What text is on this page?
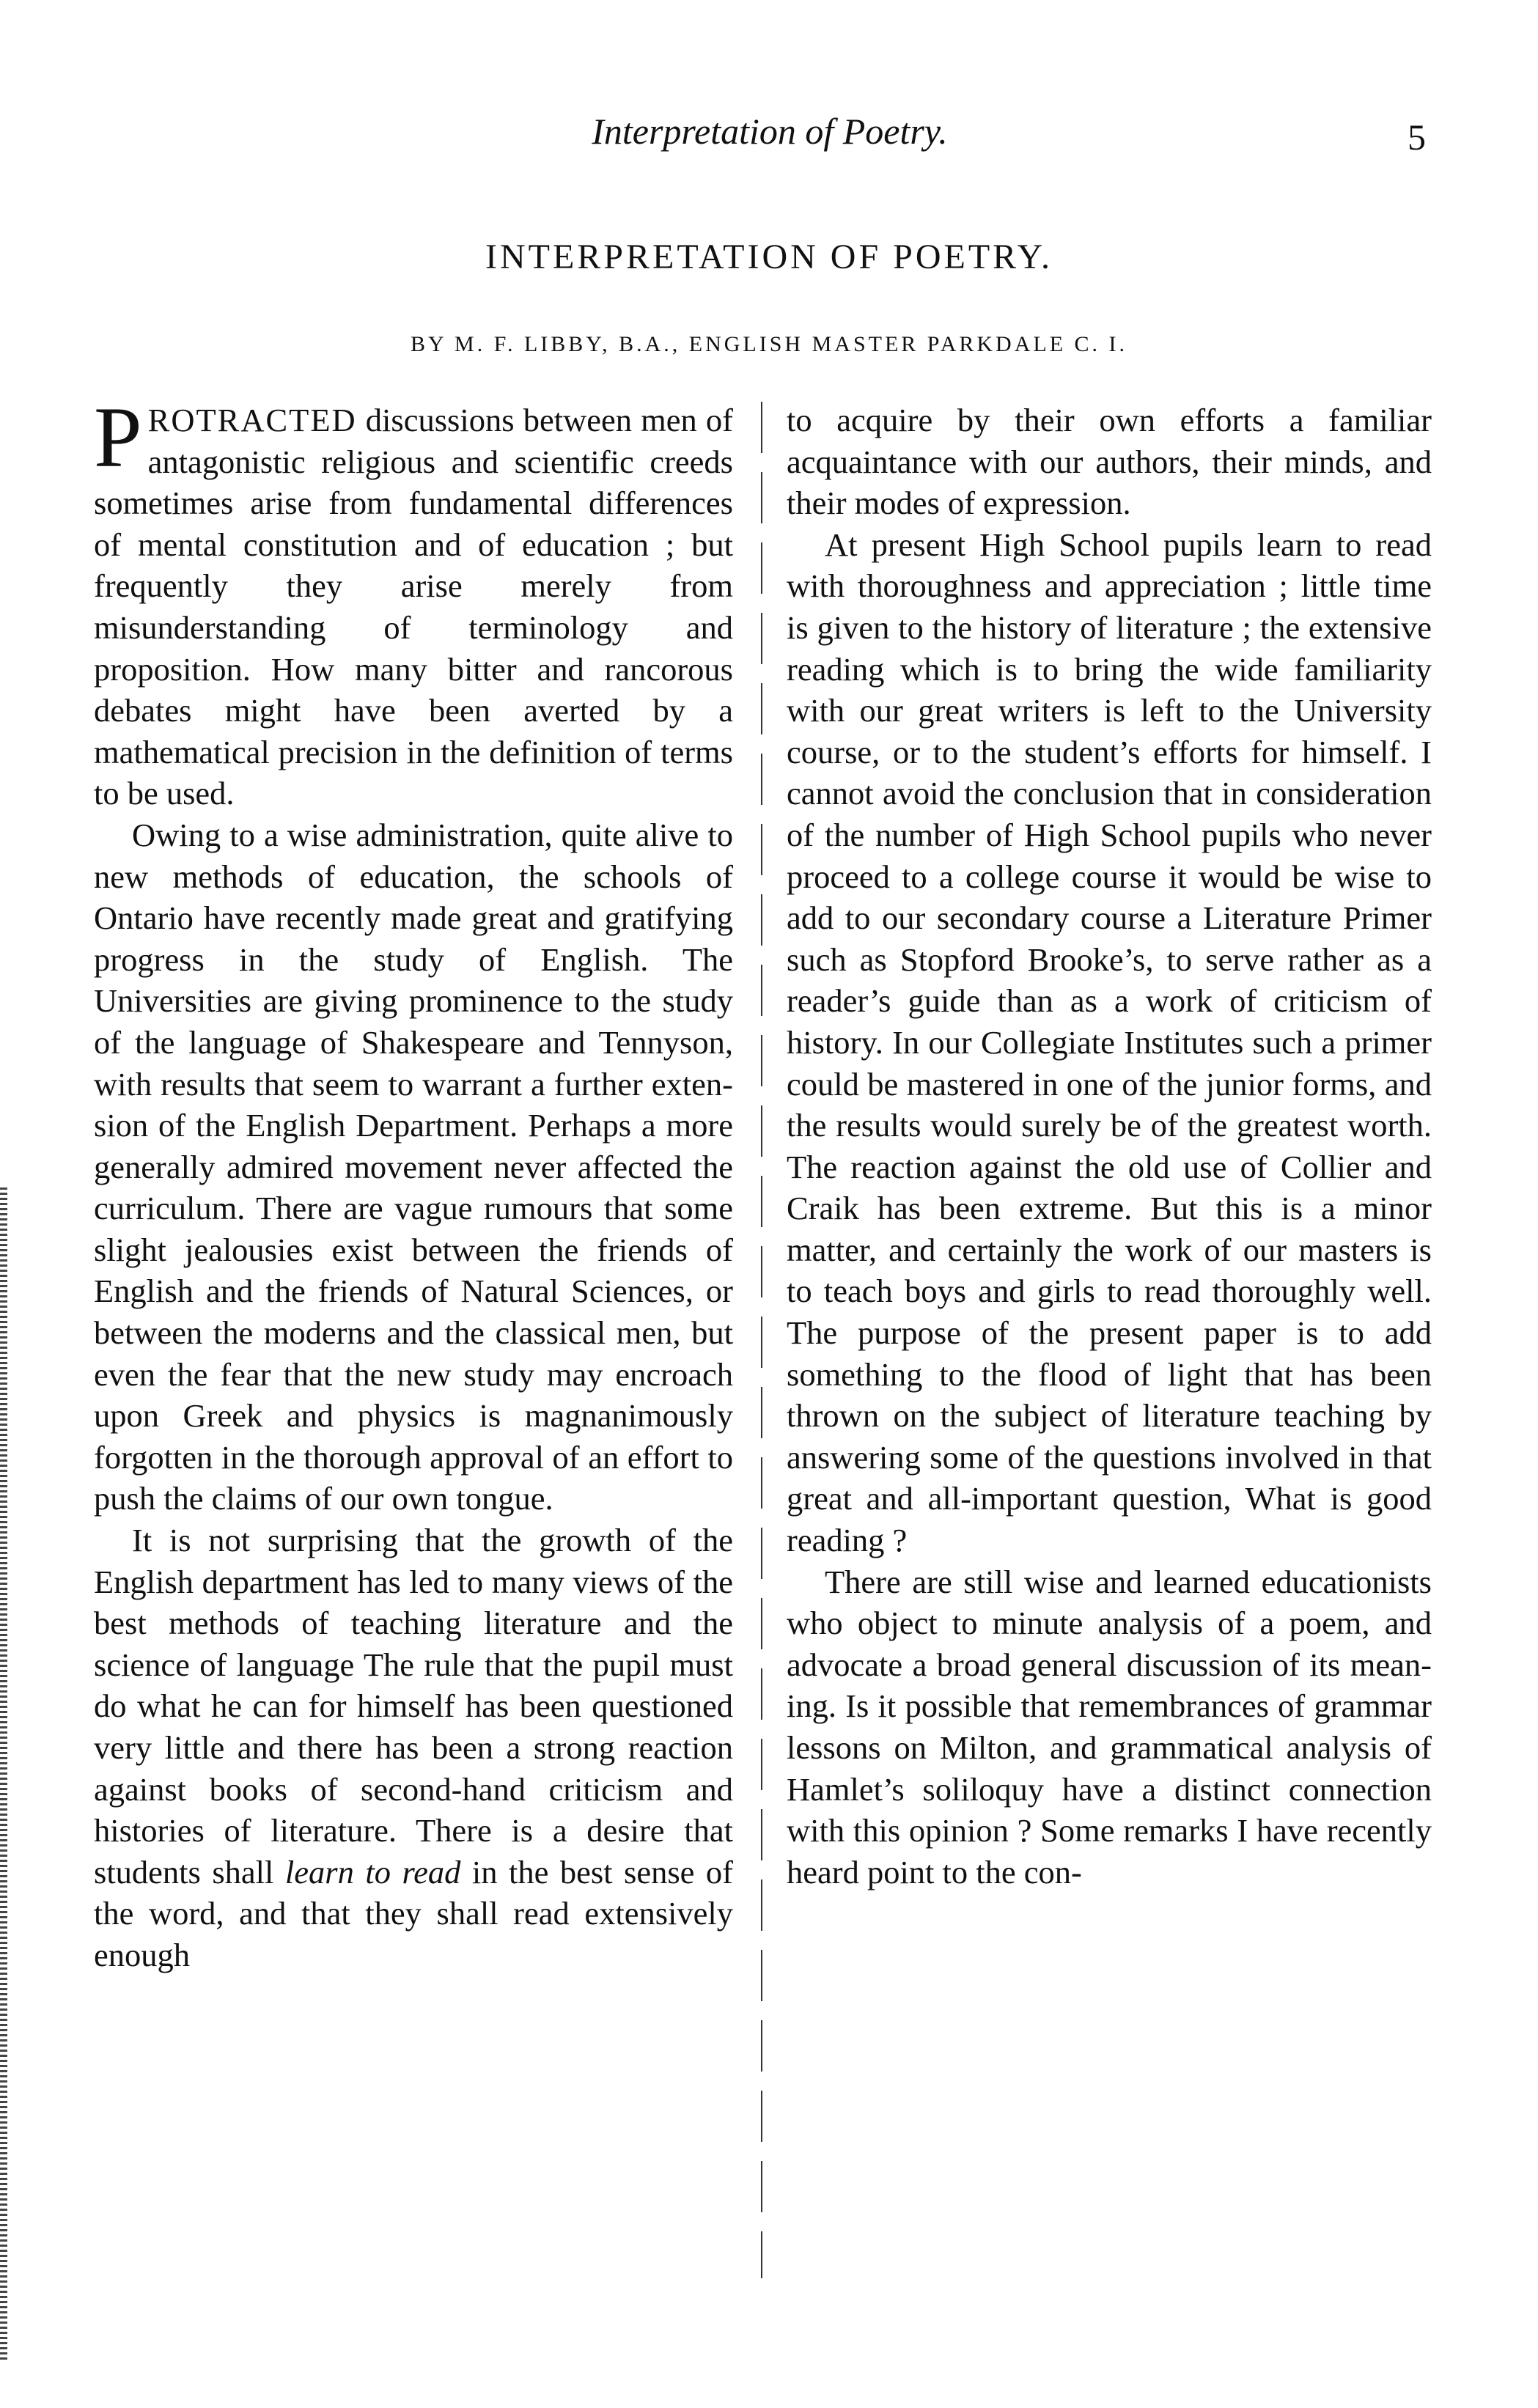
Interpretation of Poetry.	5
INTERPRETATION OF POETRY.
BY M. F. LIBBY, B.A., ENGLISH MASTER PARKDALE C. I.

PROTRACTED discussions between men of antagonistic religious and scientific creeds sometimes arise from fundamental differences of mental constitution and of education ; but frequently they arise merely from misunderstanding of terminology and proposition. How many bitter and rancorous debates might have been averted by a mathematical precision in the definition of terms to be used.

Owing to a wise administration, quite alive to new methods of education, the schools of Ontario have recently made great and gratifying progress in the study of English. The Universities are giving prominence to the study of the language of Shakespeare and Tennyson, with results that seem to warrant a further extension of the English Department. Perhaps a more generally admired movement never affected the curriculum. There are vague rumours that some slight jealousies exist between the friends of English and the friends of Natural Sciences, or between the moderns and the classical men, but even the fear that the new study may encroach upon Greek and physics is magnanimously forgotten in the thorough approval of an effort to push the claims of our own tongue.

It is not surprising that the growth of the English department has led to many views of the best methods of teaching literature and the science of language The rule that the pupil must do what he can for himself has been questioned very little and there has been a strong reaction against books of second-hand criticism and histories of literature. There is a desire that students shall learn to read in the best sense of the word, and that they shall read extensively enough

to acquire by their own efforts a familiar acquaintance with our authors, their minds, and their modes of expression.

At present High School pupils learn to read with thoroughness and appreciation ; little time is given to the history of literature ; the extensive reading which is to bring the wide familiarity with our great writers is left to the University course, or to the student’s efforts for himself. I cannot avoid the conclusion that in consideration of the number of High School pupils who never proceed to a college course it would be wise to add to our secondary course a Literature Primer such as Stopford Brooke’s, to serve rather as a reader’s guide than as a work of criticism of history. In our Collegiate Institutes such a primer could be mastered in one of the junior forms, and the results would surely be of the greatest worth. The reaction against the old use of Collier and Craik has been extreme. But this is a minor matter, and certainly the work of our masters is to teach boys and girls to read thoroughly well. The purpose of the present paper is to add something to the flood of light that has been thrown on the subject of literature teaching by answering some of the questions involved in that great and all-important question, What is good reading ?

There are still wise and learned educationists who object to minute analysis of a poem, and advocate a broad general discussion of its meaning. Is it possible that remembrances of grammar lessons on Milton, and grammatical analysis of Hamlet’s soliloquy have a distinct connection with this opinion ? Some remarks I have recently heard point to the con-
